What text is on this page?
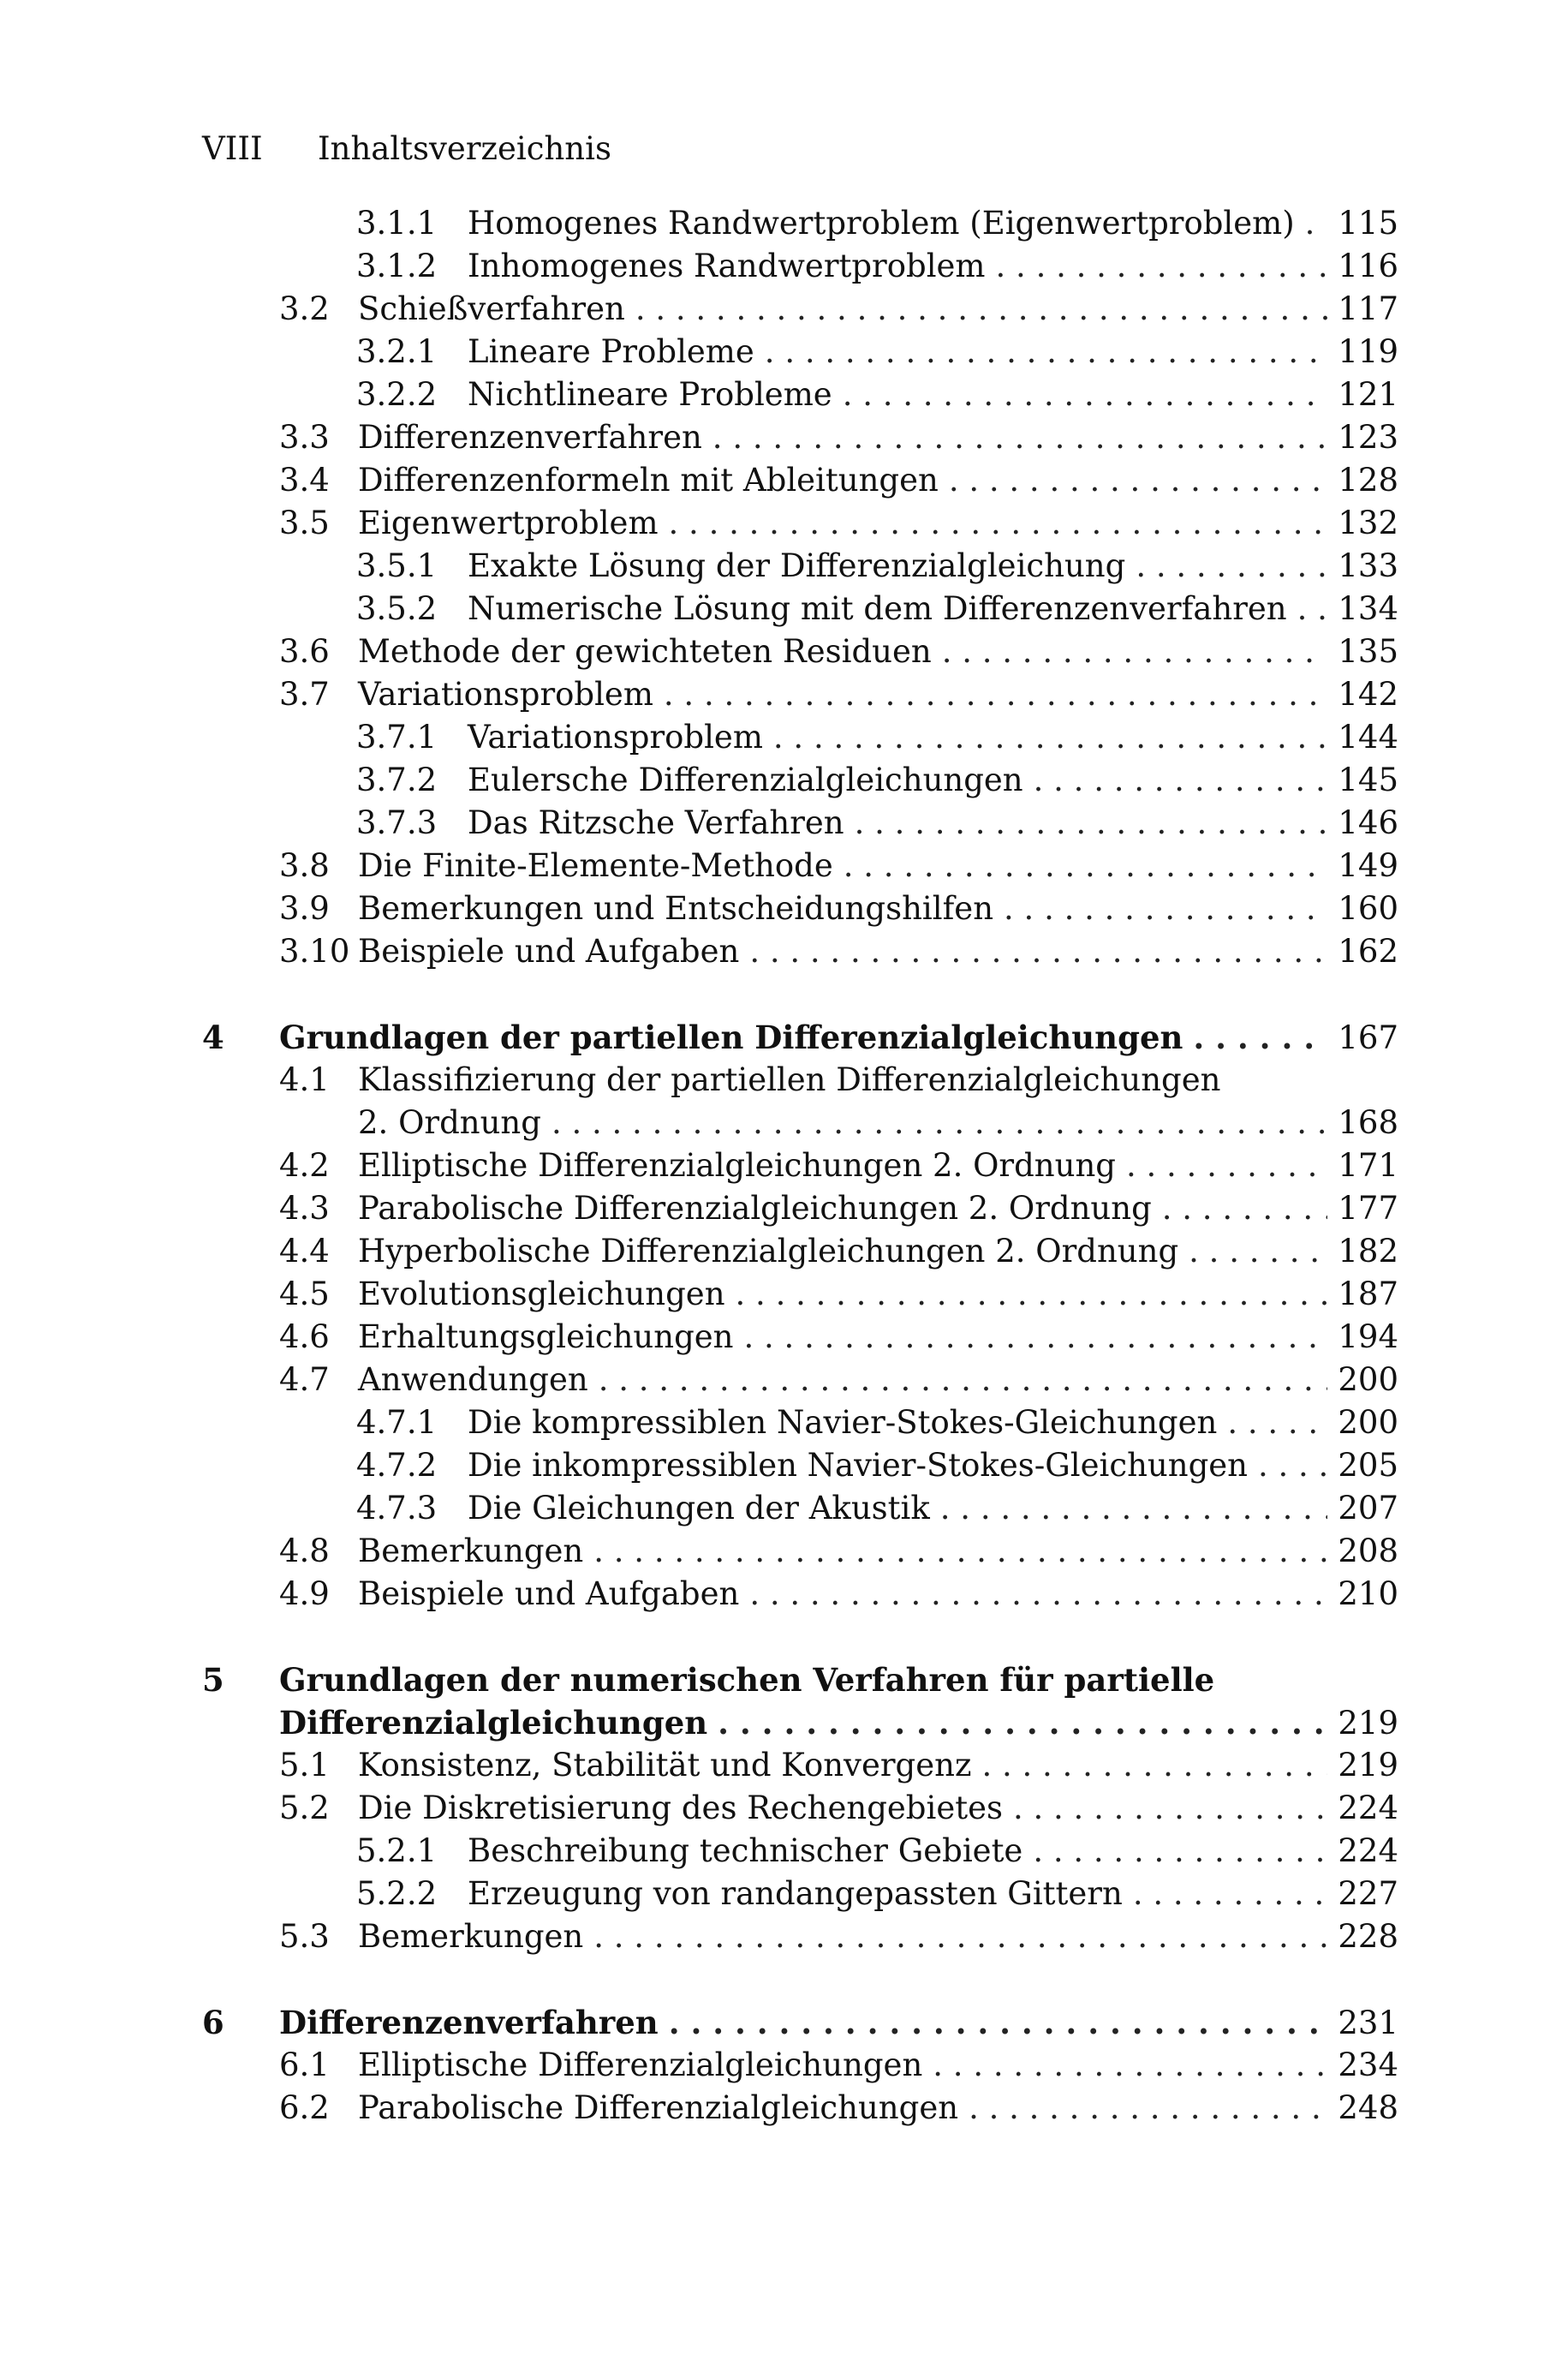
VIII Inhaltsverzeichnis
3.1.1 Homogenes Randwertproblem (Eigenwertproblem) . . . 115
3.1.2 Inhomogenes Randwertproblem . . .	116
3.2 Schießverfahren . . .	117
3.2.1 Lineare Probleme . . .	119
3.2.2 Nichtlineare Probleme . . .	121
3.3 Differenzenverfahren . . .	123
3.4 Differenzenformeln mit Ableitungen . . .	128
3.5 Eigenwertproblem . . .	132
3.5.1 Exakte Lösung der Differenzialgleichung . . .	133
3.5.2 Numerische Lösung mit dem Differenzenverfahren . . . 134
3.6 Methode der gewichteten Residuen . . .	135
3.7 Variationsproblem . . .	142
3.7.1 Variationsproblem . . .	144
3.7.2 Eulersche Differenzialgleichungen . . .	145
3.7.3 Das Ritzsche Verfahren . . .	146
3.8 Die Finite-Elemente-Methode . . .	149
3.9 Bemerkungen und Entscheidungshilfen . . .	160
3.10 Beispiele und Aufgaben . . .	162
4 Grundlagen der partiellen Differenzialgleichungen . . .	167
4.1 Klassifizierung der partiellen Differenzialgleichungen
2. Ordnung . . .	168
4.2 Elliptische Differenzialgleichungen 2. Ordnung . . .	171
4.3 Parabolische Differenzialgleichungen 2. Ordnung . . .	177
4.4 Hyperbolische Differenzialgleichungen 2. Ordnung . . .	182
4.5 Evolutionsgleichungen . . .	187
4.6 Erhaltungsgleichungen . . .	194
4.7 Anwendungen . . .	200
4.7.1 Die kompressiblen Navier-Stokes-Gleichungen . . .	200
4.7.2 Die inkompressiblen Navier-Stokes-Gleichungen . . .	205
4.7.3 Die Gleichungen der Akustik . . .	207
4.8 Bemerkungen . . .	208
4.9 Beispiele und Aufgaben . . .	210
5 Grundlagen der numerischen Verfahren für partielle
Differenzialgleichungen . . .	219
5.1 Konsistenz, Stabilität und Konvergenz . . .	219
5.2 Die Diskretisierung des Rechengebietes . . .	224
5.2.1 Beschreibung technischer Gebiete . . .	224
5.2.2 Erzeugung von randangepassten Gittern . . .	227
5.3 Bemerkungen . . .	228
6 Differenzenverfahren . . .	231
6.1 Elliptische Differenzialgleichungen . . .	234
6.2 Parabolische Differenzialgleichungen . . .	248
